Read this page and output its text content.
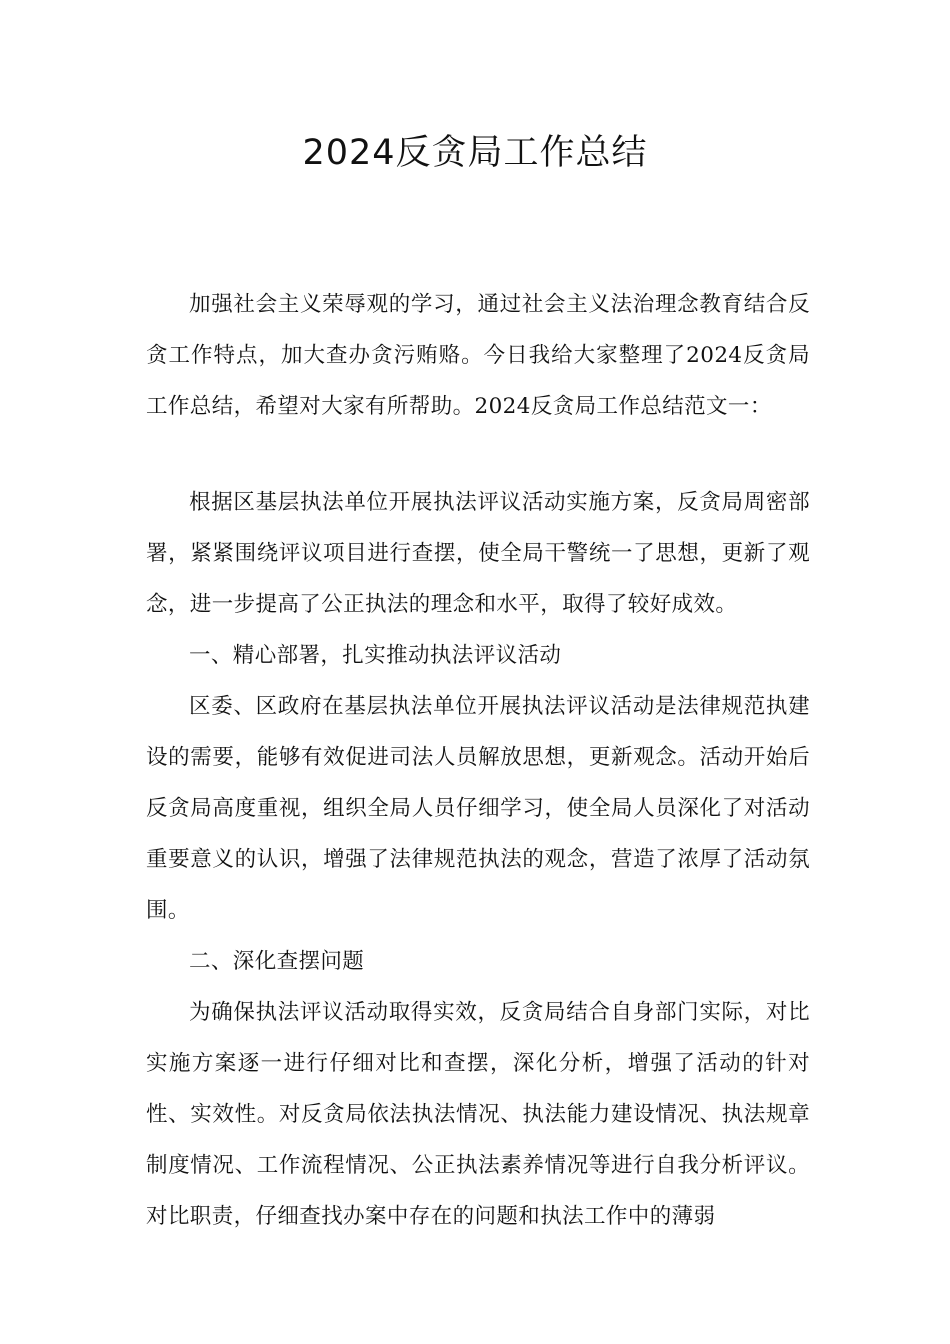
2024反贪局工作总结

加强社会主义荣辱观的学习，通过社会主义法治理念教育结合反贪工作特点，加大查办贪污贿赂。今日我给大家整理了2024反贪局工作总结，希望对大家有所帮助。2024反贪局工作总结范文一：

根据区基层执法单位开展执法评议活动实施方案，反贪局周密部署，紧紧围绕评议项目进行查摆，使全局干警统一了思想，更新了观念，进一步提高了公正执法的理念和水平，取得了较好成效。

一、精心部署，扎实推动执法评议活动

区委、区政府在基层执法单位开展执法评议活动是法律规范执建设的需要，能够有效促进司法人员解放思想，更新观念。活动开始后反贪局高度重视，组织全局人员仔细学习，使全局人员深化了对活动重要意义的认识，增强了法律规范执法的观念，营造了浓厚了活动氛围。

二、深化查摆问题

为确保执法评议活动取得实效，反贪局结合自身部门实际，对比实施方案逐一进行仔细对比和查摆，深化分析，增强了活动的针对性、实效性。对反贪局依法执法情况、执法能力建设情况、执法规章制度情况、工作流程情况、公正执法素养情况等进行自我分析评议。对比职责，仔细查找办案中存在的问题和执法工作中的薄弱
